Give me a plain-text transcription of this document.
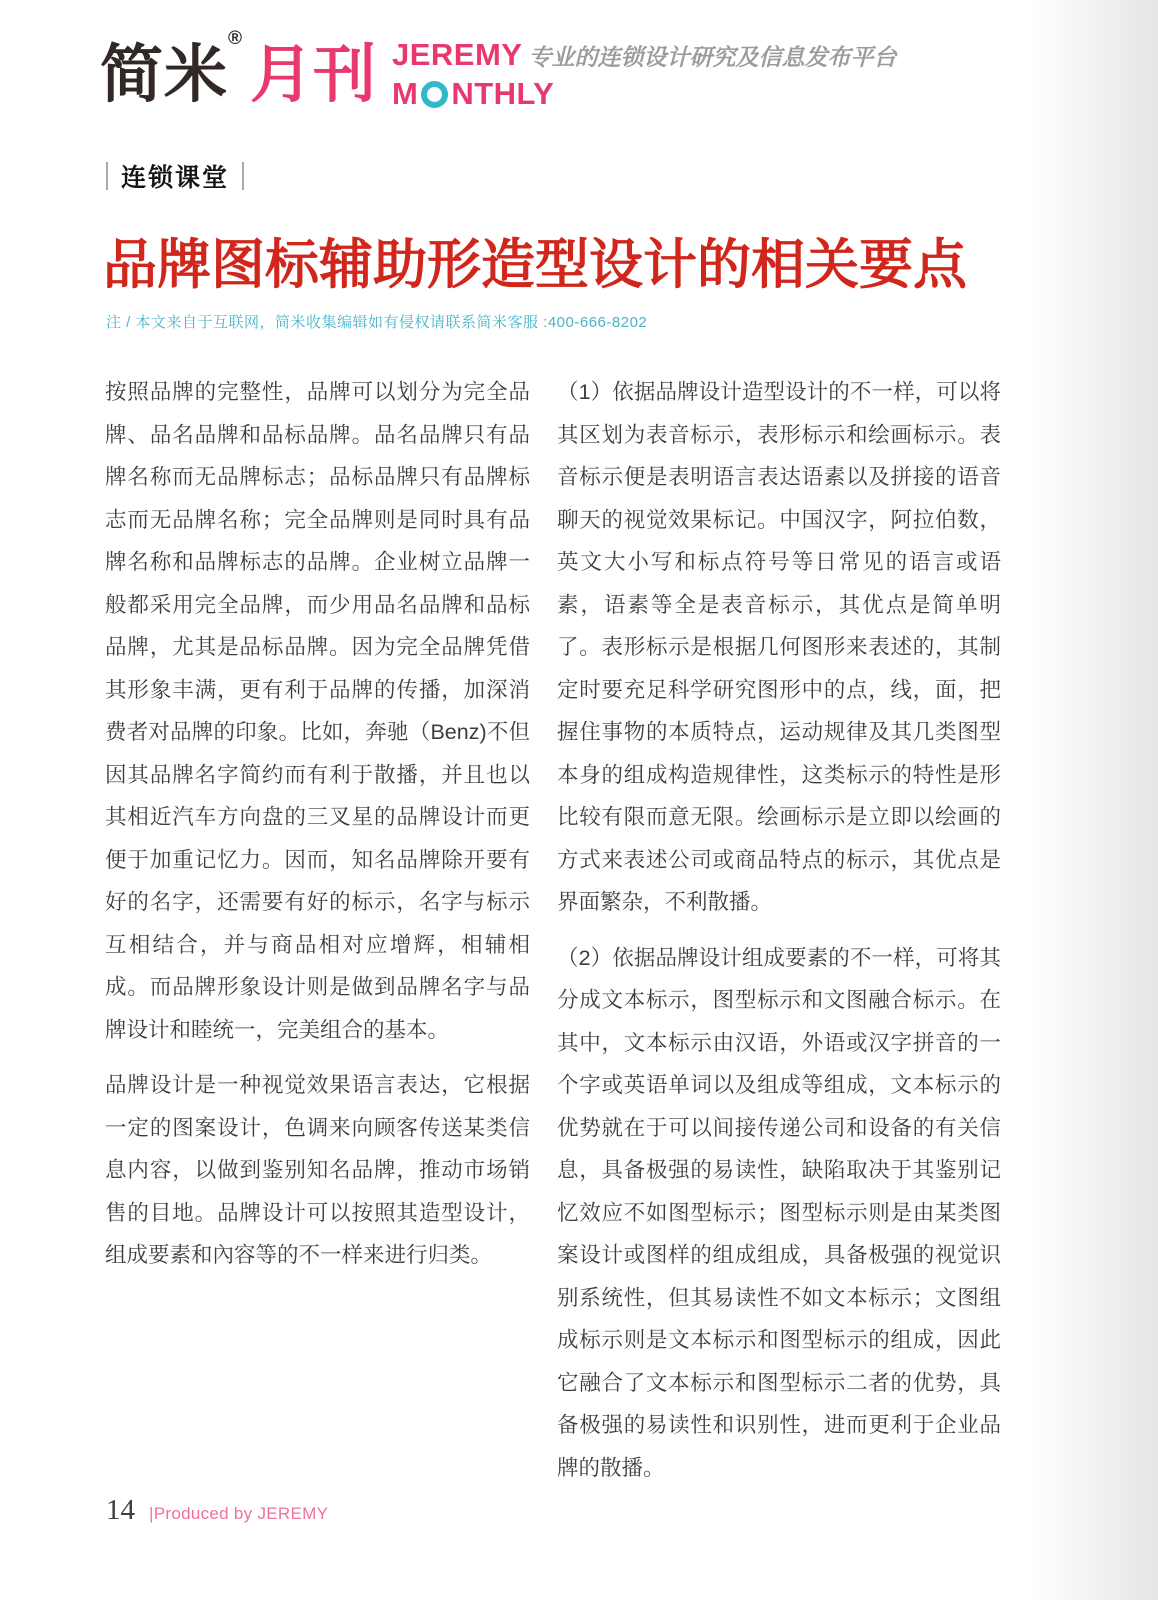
简米®月刊 JEREMY 专业的连锁设计研究及信息发布平台
M NTHLY
连锁课堂
品牌图标辅助形造型设计的相关要点
注 / 本文来自于互联网，简米收集编辑如有侵权请联系简米客服 :400-666-8202

按照品牌的完整性，品牌可以划分为完全品牌、品名品牌和品标品牌。品名品牌只有品牌名称而无品牌标志；品标品牌只有品牌标志而无品牌名称；完全品牌则是同时具有品牌名称和品牌标志的品牌。企业树立品牌一般都采用完全品牌，而少用品名品牌和品标品牌，尤其是品标品牌。因为完全品牌凭借其形象丰满，更有利于品牌的传播，加深消费者对品牌的印象。比如，奔驰（Benz)不但因其品牌名字简约而有利于散播，并且也以其相近汽车方向盘的三叉星的品牌设计而更便于加重记忆力。因而，知名品牌除开要有好的名字，还需要有好的标示，名字与标示互相结合，并与商品相对应增辉，相辅相成。而品牌形象设计则是做到品牌名字与品牌设计和睦统一，完美组合的基本。

品牌设计是一种视觉效果语言表达，它根据一定的图案设计，色调来向顾客传送某类信息内容，以做到鉴别知名品牌，推动市场销售的目地。品牌设计可以按照其造型设计，组成要素和內容等的不一样来进行归类。

（1）依据品牌设计造型设计的不一样，可以将其区划为表音标示，表形标示和绘画标示。表音标示便是表明语言表达语素以及拼接的语音聊天的视觉效果标记。中国汉字，阿拉伯数，英文大小写和标点符号等日常见的语言或语素，语素等全是表音标示，其优点是简单明了。表形标示是根据几何图形来表述的，其制定时要充足科学研究图形中的点，线，面，把握住事物的本质特点，运动规律及其几类图型本身的组成构造规律性，这类标示的特性是形比较有限而意无限。绘画标示是立即以绘画的方式来表述公司或商品特点的标示，其优点是界面繁杂，不利散播。

（2）依据品牌设计组成要素的不一样，可将其分成文本标示，图型标示和文图融合标示。在其中，文本标示由汉语，外语或汉字拼音的一个字或英语单词以及组成等组成，文本标示的优势就在于可以间接传递公司和设备的有关信息，具备极强的易读性，缺陷取决于其鉴别记忆效应不如图型标示；图型标示则是由某类图案设计或图样的组成组成，具备极强的视觉识别系统性，但其易读性不如文本标示；文图组成标示则是文本标示和图型标示的组成，因此它融合了文本标示和图型标示二者的优势，具备极强的易读性和识别性，进而更利于企业品牌的散播。

14 |Produced by JEREMY
